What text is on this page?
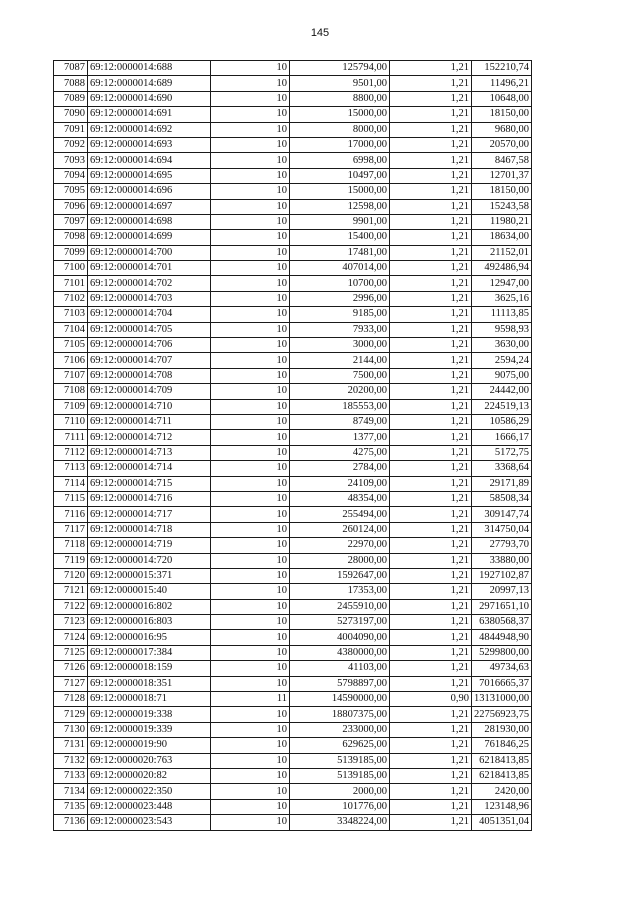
145
7087	69:12:0000014:688	10	125794,00	1,21	152210,74
7088	69:12:0000014:689	10	9501,00	1,21	11496,21
7089	69:12:0000014:690	10	8800,00	1,21	10648,00
7090	69:12:0000014:691	10	15000,00	1,21	18150,00
7091	69:12:0000014:692	10	8000,00	1,21	9680,00
7092	69:12:0000014:693	10	17000,00	1,21	20570,00
7093	69:12:0000014:694	10	6998,00	1,21	8467,58
7094	69:12:0000014:695	10	10497,00	1,21	12701,37
7095	69:12:0000014:696	10	15000,00	1,21	18150,00
7096	69:12:0000014:697	10	12598,00	1,21	15243,58
7097	69:12:0000014:698	10	9901,00	1,21	11980,21
7098	69:12:0000014:699	10	15400,00	1,21	18634,00
7099	69:12:0000014:700	10	17481,00	1,21	21152,01
7100	69:12:0000014:701	10	407014,00	1,21	492486,94
7101	69:12:0000014:702	10	10700,00	1,21	12947,00
7102	69:12:0000014:703	10	2996,00	1,21	3625,16
7103	69:12:0000014:704	10	9185,00	1,21	11113,85
7104	69:12:0000014:705	10	7933,00	1,21	9598,93
7105	69:12:0000014:706	10	3000,00	1,21	3630,00
7106	69:12:0000014:707	10	2144,00	1,21	2594,24
7107	69:12:0000014:708	10	7500,00	1,21	9075,00
7108	69:12:0000014:709	10	20200,00	1,21	24442,00
7109	69:12:0000014:710	10	185553,00	1,21	224519,13
7110	69:12:0000014:711	10	8749,00	1,21	10586,29
7111	69:12:0000014:712	10	1377,00	1,21	1666,17
7112	69:12:0000014:713	10	4275,00	1,21	5172,75
7113	69:12:0000014:714	10	2784,00	1,21	3368,64
7114	69:12:0000014:715	10	24109,00	1,21	29171,89
7115	69:12:0000014:716	10	48354,00	1,21	58508,34
7116	69:12:0000014:717	10	255494,00	1,21	309147,74
7117	69:12:0000014:718	10	260124,00	1,21	314750,04
7118	69:12:0000014:719	10	22970,00	1,21	27793,70
7119	69:12:0000014:720	10	28000,00	1,21	33880,00
7120	69:12:0000015:371	10	1592647,00	1,21	1927102,87
7121	69:12:0000015:40	10	17353,00	1,21	20997,13
7122	69:12:0000016:802	10	2455910,00	1,21	2971651,10
7123	69:12:0000016:803	10	5273197,00	1,21	6380568,37
7124	69:12:0000016:95	10	4004090,00	1,21	4844948,90
7125	69:12:0000017:384	10	4380000,00	1,21	5299800,00
7126	69:12:0000018:159	10	41103,00	1,21	49734,63
7127	69:12:0000018:351	10	5798897,00	1,21	7016665,37
7128	69:12:0000018:71	11	14590000,00	0,90	13131000,00
7129	69:12:0000019:338	10	18807375,00	1,21	22756923,75
7130	69:12:0000019:339	10	233000,00	1,21	281930,00
7131	69:12:0000019:90	10	629625,00	1,21	761846,25
7132	69:12:0000020:763	10	5139185,00	1,21	6218413,85
7133	69:12:0000020:82	10	5139185,00	1,21	6218413,85
7134	69:12:0000022:350	10	2000,00	1,21	2420,00
7135	69:12:0000023:448	10	101776,00	1,21	123148,96
7136	69:12:0000023:543	10	3348224,00	1,21	4051351,04
